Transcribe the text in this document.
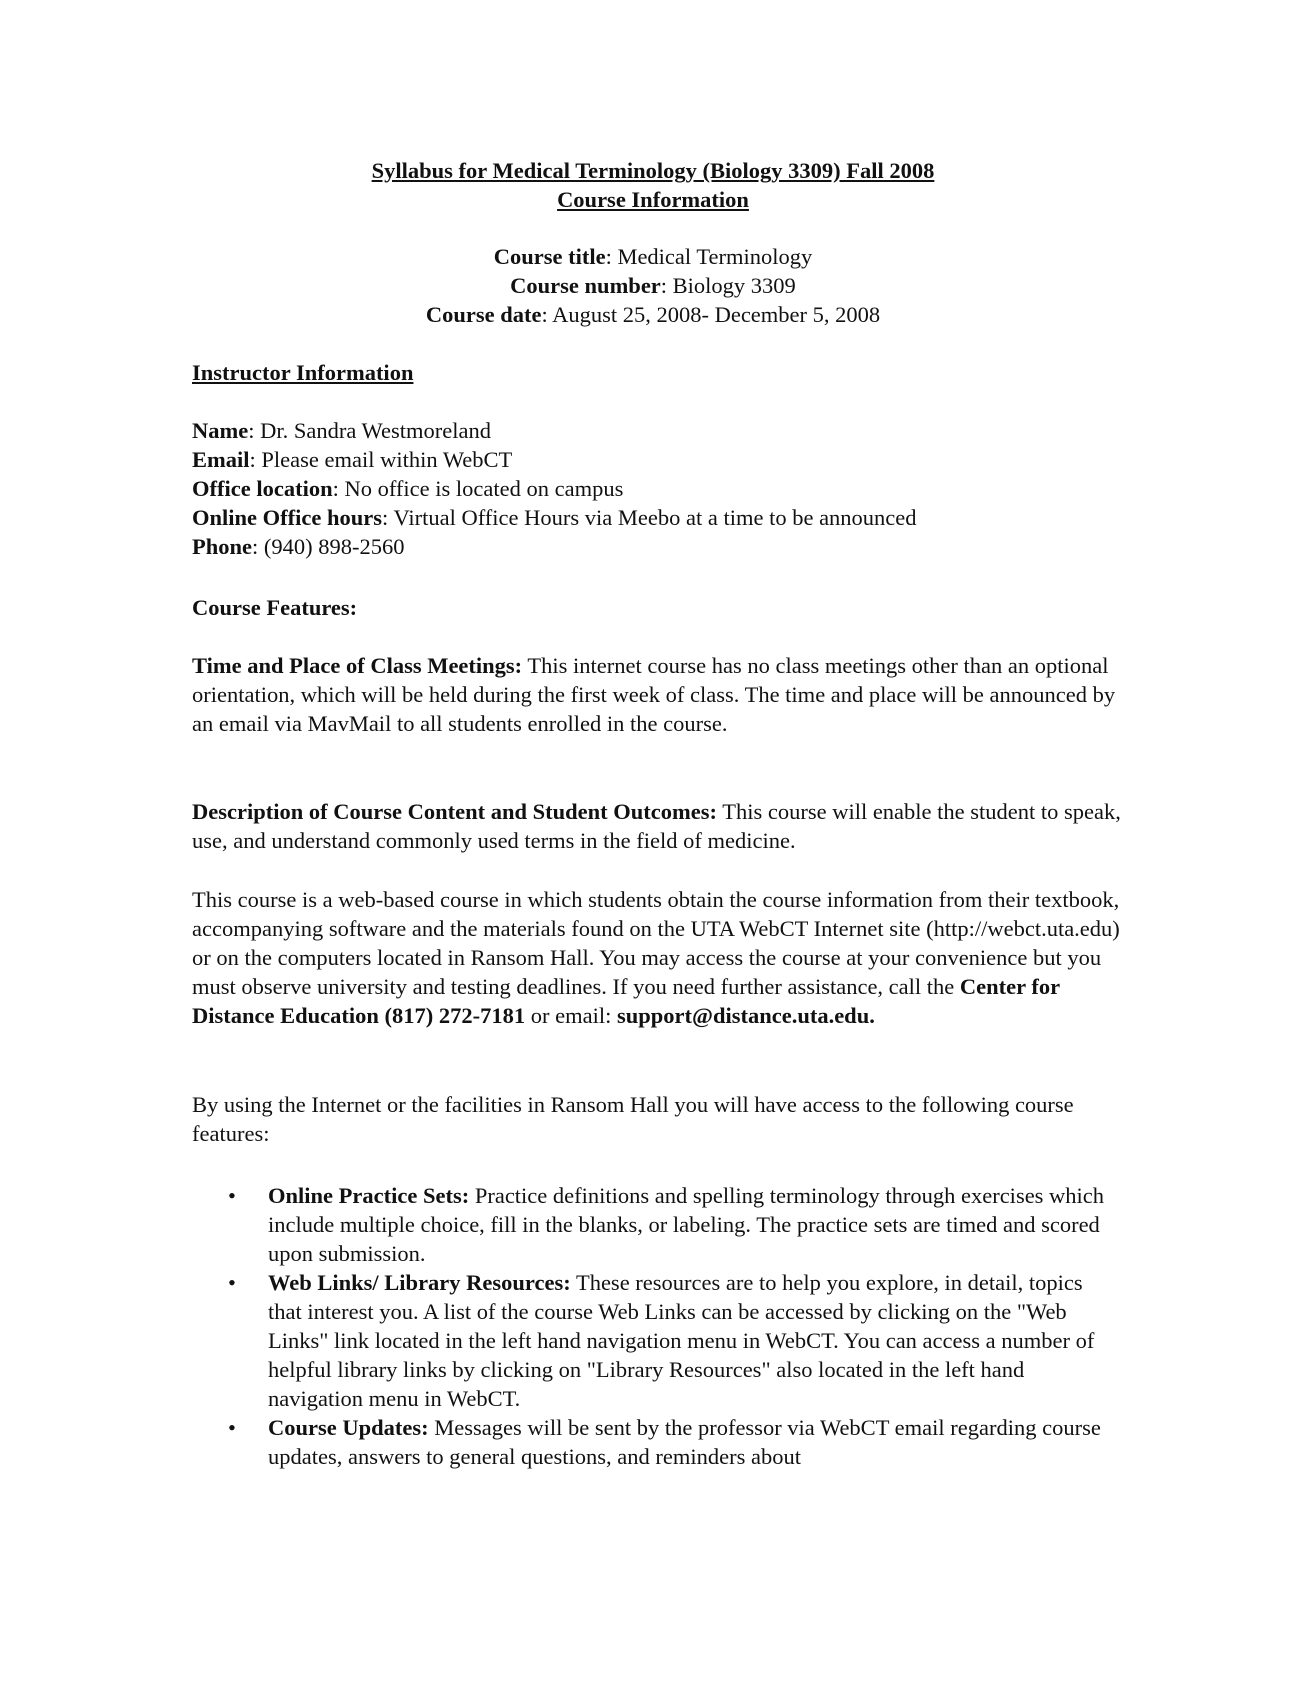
Syllabus for Medical Terminology (Biology 3309) Fall 2008
Course Information
Course title: Medical Terminology
Course number: Biology 3309
Course date: August 25, 2008- December 5, 2008

Instructor Information

Name: Dr. Sandra Westmoreland
Email: Please email within WebCT
Office location: No office is located on campus
Online Office hours: Virtual Office Hours via Meebo at a time to be announced
Phone: (940) 898-2560

Course Features:

Time and Place of Class Meetings: This internet course has no class meetings other than an optional orientation, which will be held during the first week of class. The time and place will be announced by an email via MavMail to all students enrolled in the course.

Description of Course Content and Student Outcomes: This course will enable the student to speak, use, and understand commonly used terms in the field of medicine.

This course is a web-based course in which students obtain the course information from their textbook, accompanying software and the materials found on the UTA WebCT Internet site (http://webct.uta.edu) or on the computers located in Ransom Hall. You may access the course at your convenience but you must observe university and testing deadlines. If you need further assistance, call the Center for Distance Education (817) 272-7181 or email: support@distance.uta.edu.

By using the Internet or the facilities in Ransom Hall you will have access to the following course features:

• Online Practice Sets: Practice definitions and spelling terminology through exercises which include multiple choice, fill in the blanks, or labeling. The practice sets are timed and scored upon submission.
• Web Links/ Library Resources: These resources are to help you explore, in detail, topics that interest you. A list of the course Web Links can be accessed by clicking on the "Web Links" link located in the left hand navigation menu in WebCT. You can access a number of helpful library links by clicking on "Library Resources" also located in the left hand navigation menu in WebCT.
• Course Updates: Messages will be sent by the professor via WebCT email regarding course updates, answers to general questions, and reminders about
